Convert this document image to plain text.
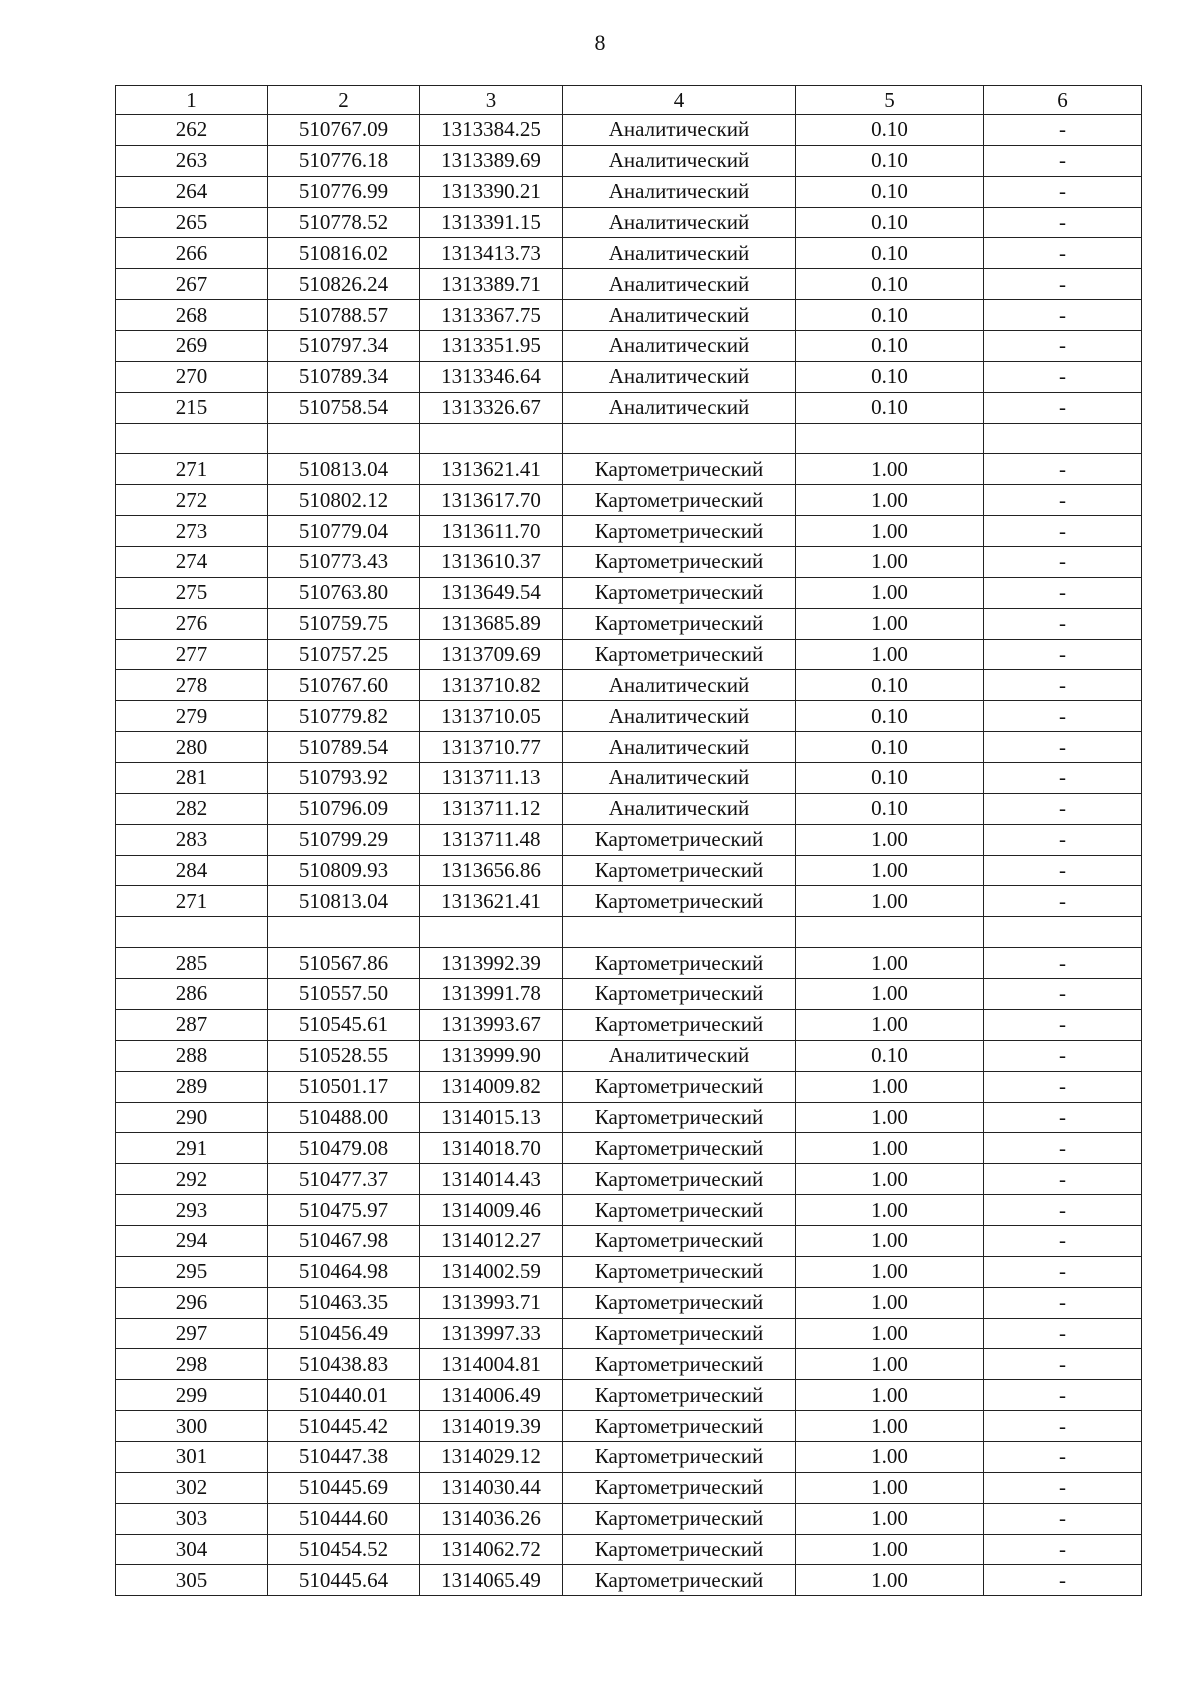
8
1	2	3	4	5	6
262	510767.09	1313384.25	Аналитический	0.10	-
263	510776.18	1313389.69	Аналитический	0.10	-
264	510776.99	1313390.21	Аналитический	0.10	-
265	510778.52	1313391.15	Аналитический	0.10	-
266	510816.02	1313413.73	Аналитический	0.10	-
267	510826.24	1313389.71	Аналитический	0.10	-
268	510788.57	1313367.75	Аналитический	0.10	-
269	510797.34	1313351.95	Аналитический	0.10	-
270	510789.34	1313346.64	Аналитический	0.10	-
215	510758.54	1313326.67	Аналитический	0.10	-

271	510813.04	1313621.41	Картометрический	1.00	-
272	510802.12	1313617.70	Картометрический	1.00	-
273	510779.04	1313611.70	Картометрический	1.00	-
274	510773.43	1313610.37	Картометрический	1.00	-
275	510763.80	1313649.54	Картометрический	1.00	-
276	510759.75	1313685.89	Картометрический	1.00	-
277	510757.25	1313709.69	Картометрический	1.00	-
278	510767.60	1313710.82	Аналитический	0.10	-
279	510779.82	1313710.05	Аналитический	0.10	-
280	510789.54	1313710.77	Аналитический	0.10	-
281	510793.92	1313711.13	Аналитический	0.10	-
282	510796.09	1313711.12	Аналитический	0.10	-
283	510799.29	1313711.48	Картометрический	1.00	-
284	510809.93	1313656.86	Картометрический	1.00	-
271	510813.04	1313621.41	Картометрический	1.00	-

285	510567.86	1313992.39	Картометрический	1.00	-
286	510557.50	1313991.78	Картометрический	1.00	-
287	510545.61	1313993.67	Картометрический	1.00	-
288	510528.55	1313999.90	Аналитический	0.10	-
289	510501.17	1314009.82	Картометрический	1.00	-
290	510488.00	1314015.13	Картометрический	1.00	-
291	510479.08	1314018.70	Картометрический	1.00	-
292	510477.37	1314014.43	Картометрический	1.00	-
293	510475.97	1314009.46	Картометрический	1.00	-
294	510467.98	1314012.27	Картометрический	1.00	-
295	510464.98	1314002.59	Картометрический	1.00	-
296	510463.35	1313993.71	Картометрический	1.00	-
297	510456.49	1313997.33	Картометрический	1.00	-
298	510438.83	1314004.81	Картометрический	1.00	-
299	510440.01	1314006.49	Картометрический	1.00	-
300	510445.42	1314019.39	Картометрический	1.00	-
301	510447.38	1314029.12	Картометрический	1.00	-
302	510445.69	1314030.44	Картометрический	1.00	-
303	510444.60	1314036.26	Картометрический	1.00	-
304	510454.52	1314062.72	Картометрический	1.00	-
305	510445.64	1314065.49	Картометрический	1.00	-
